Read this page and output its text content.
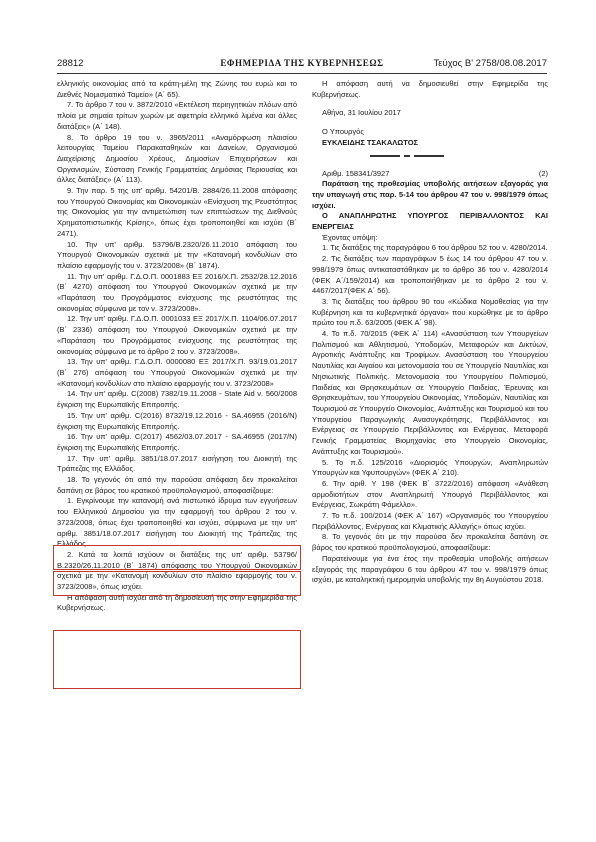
28812	ΕΦΗΜΕΡΙΔΑ ΤΗΣ ΚΥΒΕΡΝΗΣΕΩΣ	Τεύχος Β' 2758/08.08.2017

ελληνικής οικονομίας από τα κράτη-μέλη της Ζώνης του ευρώ και το Διεθνές Νομισματικό Ταμείο» (Α΄ 65).

7. Το άρθρο 7 του ν. 3872/2010 «Εκτέλεση περιηγητικών πλόων από πλοία με σημαία τρίτων χωρών με αφετηρία ελληνικό λιμένα και άλλες διατάξεις» (Α΄ 148).

8. Το άρθρο 19 του ν. 3965/2011 «Αναμόρφωση πλαισίου λειτουργίας Ταμείου Παρακαταθηκών και Δανείων, Οργανισμού Διαχείρισης Δημοσίου Χρέους, Δημοσίων Επιχειρήσεων και Οργανισμών, Σύσταση Γενικής Γραμματείας Δημόσιας Περιουσίας και άλλες διατάξεις» (Α΄ 113).

9. Την παρ. 5 της υπ' αριθμ. 54201/Β. 2884/26.11.2008 απόφασης του Υπουργού Οικονομίας και Οικονομικών «Ενίσχυση της Ρευστότητας της Οικονομίας για την αντιμετώπιση των επιπτώσεων της Διεθνούς Χρηματοπιστωτικής Κρίσης», όπως έχει τροποποιηθεί και ισχύει (Β΄ 2471).

10. Την υπ' αριθμ. 53796/Β.2320/26.11.2010 απόφαση του Υπουργού Οικονομικών σχετικά με την «Κατανομή κονδυλίων στο πλαίσιο εφαρμογής του ν. 3723/2008» (Β΄ 1874).

11. Την υπ' αριθμ. Γ.Δ.Ο.Π. 0001883 ΕΞ 2016/Χ.Π. 2532/28.12.2016 (Β΄ 4270) απόφαση του Υπουργού Οικονομικών σχετικά με την «Παράταση του Προγράμματος ενίσχυσης της ρευστότητας της οικονομίας σύμφωνα με τον ν. 3723/2008».

12. Την υπ' αριθμ. Γ.Δ.Ο.Π. 0001033 ΕΞ 2017/Χ.Π. 1104/06.07.2017 (Β΄ 2336) απόφαση του Υπουργού Οικονομικών σχετικά με την «Παράταση του Προγράμματος ενίσχυσης της ρευστότητας της οικονομίας σύμφωνα με το άρθρο 2 του ν. 3723/2008».

13. Την υπ' αριθμ. Γ.Δ.Ο.Π. 0000080 ΕΞ 2017/Χ.Π. 93/19.01.2017 (Β΄ 276) απόφαση του Υπουργού Οικονομικών σχετικά με την «Κατανομή κονδυλίων στο πλαίσιο εφαρμογής του ν. 3723/2008»

14. Την υπ' αριθμ. C(2008) 7382/19.11.2008 - State Aid ν. 560/2008 έγκριση της Ευρωπαϊκής Επιτροπής.

15. Την υπ' αριθμ. C(2016) 8732/19.12.2016 - SA.46955 (2016/Ν) έγκριση της Ευρωπαϊκής Επιτροπής.

16. Την υπ' αριθμ. C(2017) 4562/03.07.2017 - SA.46955 (2017/Ν) έγκριση της Ευρωπαϊκής Επιτροπής.

17. Την υπ' αριθμ. 3851/18.07.2017 εισήγηση του Διοικητή της Τράπεζας της Ελλάδος.

18. Το γεγονός ότι από την παρούσα απόφαση δεν προκαλείται δαπάνη σε βάρος του κρατικού προϋπολογισμού, αποφασίζουμε:

1. Εγκρίνουμε την κατανομή ανά πιστωτικό ίδρυμα των εγγυήσεων του Ελληνικού Δημοσίου για την εφαρμογή του άρθρου 2 του ν. 3723/2008, όπως έχει τροποποιηθεί και ισχύει, σύμφωνα με την υπ' αριθμ. 3851/18.07.2017 εισήγηση του Διοικητή της Τράπεζας της Ελλάδος.

2. Κατά τα λοιπά ισχύουν οι διατάξεις της υπ' αριθμ. 53796/Β.2320/26.11.2010 (Β΄ 1874) απόφασης του Υπουργού Οικονομικών σχετικά με την «Κατανομή κονδυλίων στο πλαίσιο εφαρμογής του ν. 3723/2008», όπως ισχύει.

Η απόφαση αυτή ισχύει από τη δημοσίευσή της στην Εφημερίδα της Κυβερνήσεως.

Η απόφαση αυτή να δημοσιευθεί στην Εφημερίδα της Κυβερνήσεως.

Αθήνα, 31 Ιουλίου 2017

Ο Υπουργός

ΕΥΚΛΕΙΔΗΣ ΤΣΑΚΑΛΩΤΟΣ

Αριθμ. 158341/3927	(2)

Παράταση της προθεσμίας υποβολής αιτήσεων εξαγοράς για την υπαγωγή στις παρ. 5-14 του άρθρου 47 του ν. 998/1979 όπως ισχύει.

Ο ΑΝΑΠΛΗΡΩΤΗΣ ΥΠΟΥΡΓΟΣ ΠΕΡΙΒΑΛΛΟΝΤΟΣ ΚΑΙ ΕΝΕΡΓΕΙΑΣ

Έχοντας υπόψη:

1. Τις διατάξεις της παραγράφου 6 του άρθρου 52 του ν. 4280/2014.

2. Τις διατάξεις των παραγράφων 5 έως 14 του άρθρου 47 του ν. 998/1979 όπως αντικαταστάθηκαν με το άρθρο 36 του ν. 4280/2014 (ΦΕΚ Α΄/159/2014) και τροποποιήθηκαν με το άρθρο 2 του ν. 4467/2017(ΦΕΚ Α΄ 56).

3. Τις διατάξεις του άρθρου 90 του «Κώδικα Νομοθεσίας για την Κυβέρνηση και τα κυβερνητικά όργανα» που κυρώθηκε με το άρθρο πρώτο του π.δ. 63/2005 (ΦΕΚ Α΄ 98).

4. Το π.δ. 70/2015 (ΦΕΚ Α΄ 114) «Ανασύσταση των Υπουργείων Πολιτισμού και Αθλητισμού, Υποδομών, Μεταφορών και Δικτύων, Αγροτικής Ανάπτυξης και Τροφίμων. Ανασύσταση του Υπουργείου Ναυτιλίας και Αιγαίου και μετονομασία του σε Υπουργείο Ναυτιλίας και Νησιωτικής Πολιτικής. Μετονομασία του Υπουργείου Πολιτισμού, Παιδείας και Θρησκευμάτων σε Υπουργείο Παιδείας, Έρευνας και Θρησκευμάτων, του Υπουργείου Οικονομίας, Υποδομών, Ναυτιλίας και Τουρισμού σε Υπουργείο Οικονομίας, Ανάπτυξης και Τουρισμού και του Υπουργείου Παραγωγικής Ανασυγκρότησης, Περιβάλλοντος και Ενέργειας σε Υπουργείο Περιβάλλοντος και Ενέργειας. Μεταφορά Γενικής Γραμματείας Βιομηχανίας στο Υπουργείο Οικονομίας, Ανάπτυξης και Τουρισμού».

5. Το π.δ. 125/2016 «Διορισμός Υπουργών, Αναπληρωτών Υπουργών και Υφυπουργών» (ΦΕΚ Α΄ 210).

6. Την αριθ. Υ 198 (ΦΕΚ Β΄ 3722/2016) απόφαση «Ανάθεση αρμοδιοτήτων στον Αναπληρωτή Υπουργό Περιβάλλοντος και Ενέργειας, Σωκράτη Φάμελλο».

7. Το π.δ. 100/2014 (ΦΕΚ Α΄ 167) «Οργανισμός του Υπουργείου Περιβάλλοντος, Ενέργειας και Κλιματικής Αλλαγής» όπως ισχύει.

8. Το γεγονός ότι με την παρούσα δεν προκαλείται δαπάνη σε βάρος του κρατικού προϋπολογισμού, αποφασίζουμε:

Παρατείνουμε για ένα έτος την προθεσμία υποβολής αιτήσεων εξαγοράς της παραγράφου 6 του άρθρου 47 του ν. 998/1979 όπως ισχύει, με καταληκτική ημερομηνία υποβολής την 8η Αυγούστου 2018.
